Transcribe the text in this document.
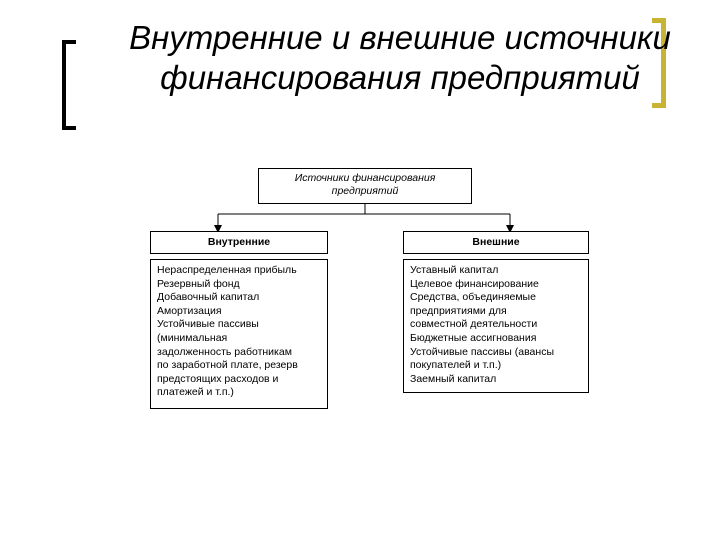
Внутренние и внешние источники
финансирования предприятий
Источники финансирования
предприятий
Внутренние	Внешние
Нераспределенная прибыль
Резервный фонд
Добавочный капитал
Амортизация
Устойчивые пассивы
(минимальная
задолженность работникам
по заработной плате, резерв
предстоящих расходов и
платежей и т.п.)
Уставный капитал
Целевое финансирование
Средства, объединяемые
предприятиями для
совместной деятельности
Бюджетные ассигнования
Устойчивые пассивы (авансы
покупателей и т.п.)
Заемный капитал
